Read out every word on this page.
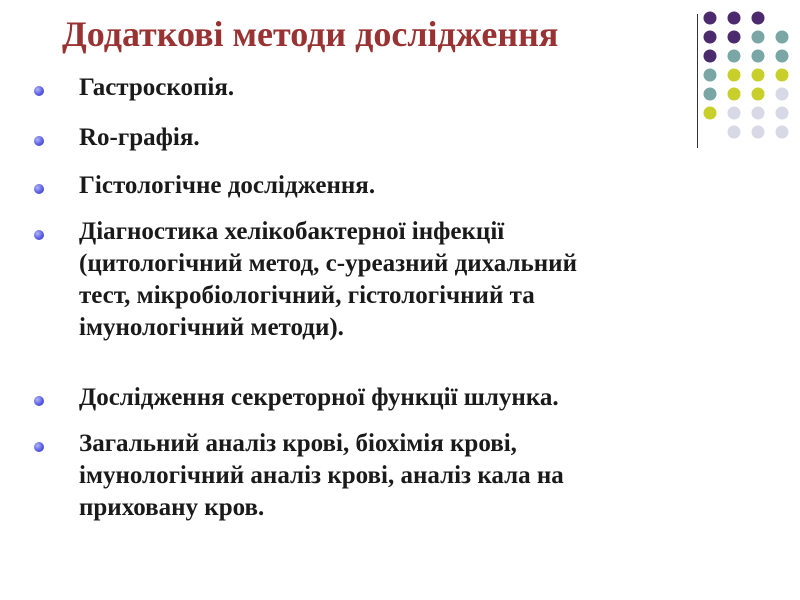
Додаткові методи дослідження
Гастроскопія.
Ro-графія.
Гістологічне дослідження.
Діагностика хелікобактерної інфекції
(цитологічний метод, с-уреазний дихальний
тест, мікробіологічний, гістологічний та
імунологічний методи).
Дослідження секреторної функції шлунка.
Загальний аналіз крові, біохімія крові,
імунологічний аналіз крові, аналіз кала на
приховану кров.
